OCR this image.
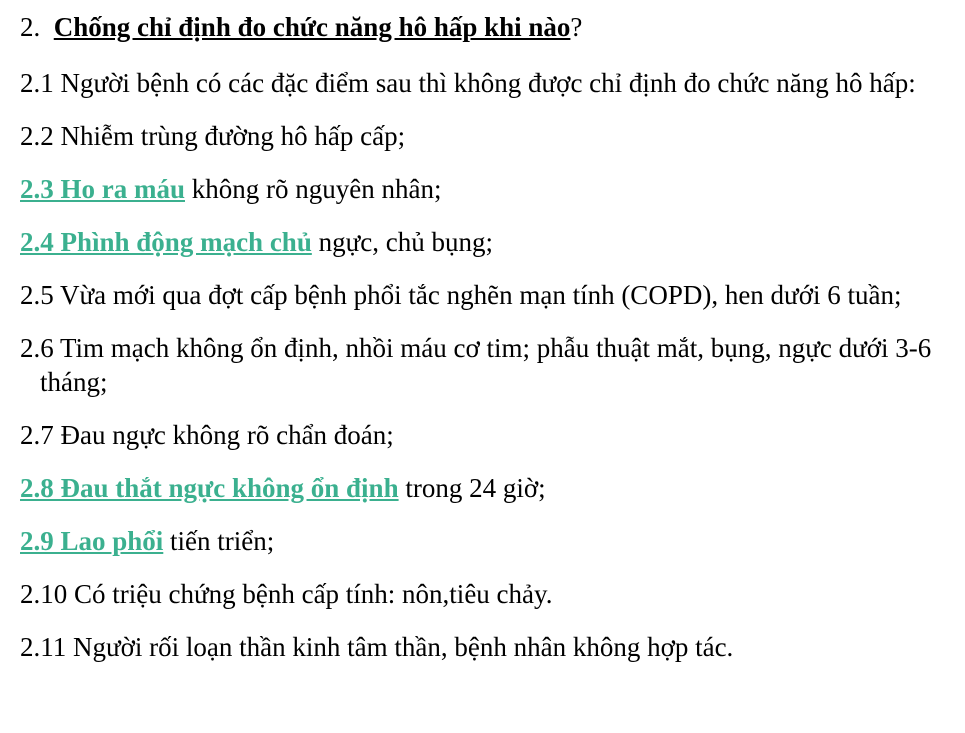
2. Chống chỉ định đo chức năng hô hấp khi nào?
2.1 Người bệnh có các đặc điểm sau thì không được chỉ định đo chức năng hô hấp:
2.2 Nhiễm trùng đường hô hấp cấp;
2.3 Ho ra máu không rõ nguyên nhân;
2.4 Phình động mạch chủ ngực, chủ bụng;
2.5 Vừa mới qua đợt cấp bệnh phổi tắc nghẽn mạn tính (COPD), hen dưới 6 tuần;
2.6 Tim mạch không ổn định, nhồi máu cơ tim; phẫu thuật mắt, bụng, ngực dưới 3-6 tháng;
2.7 Đau ngực không rõ chẩn đoán;
2.8 Đau thắt ngực không ổn định trong 24 giờ;
2.9 Lao phổi tiến triển;
2.10 Có triệu chứng bệnh cấp tính: nôn,tiêu chảy.
2.11 Người rối loạn thần kinh tâm thần, bệnh nhân không hợp tác.
